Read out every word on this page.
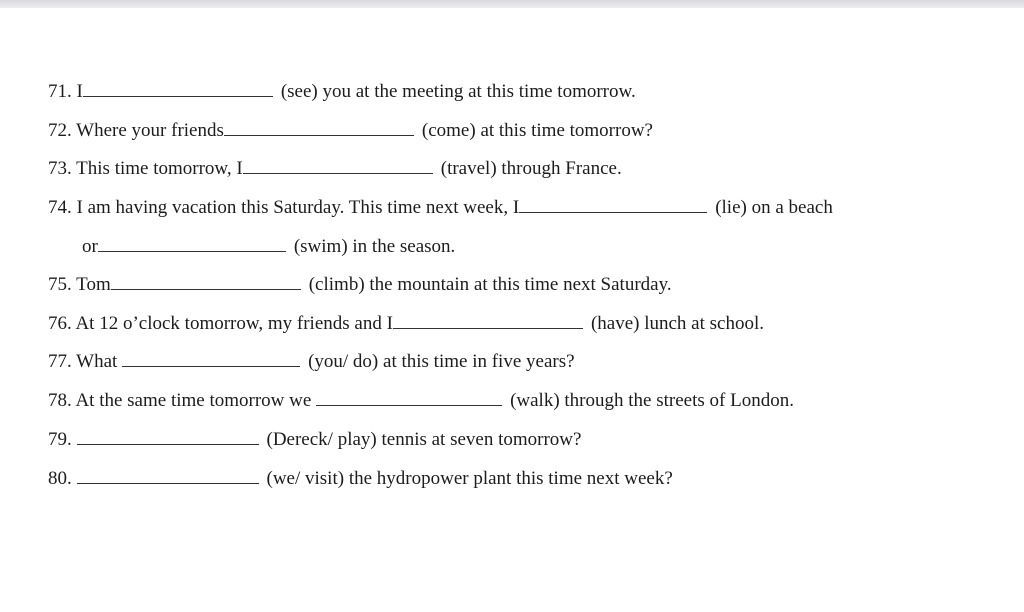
71. I	(see) you at the meeting at this time tomorrow.
72. Where your friends	(come) at this time tomorrow?
73. This time tomorrow, I	(travel) through France.
74. I am having vacation this Saturday. This time next week, I	(lie) on a beach
or	(swim) in the season.
75. Tom	(climb) the mountain at this time next Saturday.
76. At 12 o’clock tomorrow, my friends and I	(have) lunch at school.
77. What	(you/ do) at this time in five years?
78. At the same time tomorrow we	(walk) through the streets of London.
79.	(Dereck/ play) tennis at seven tomorrow?
80.	(we/ visit) the hydropower plant this time next week?
